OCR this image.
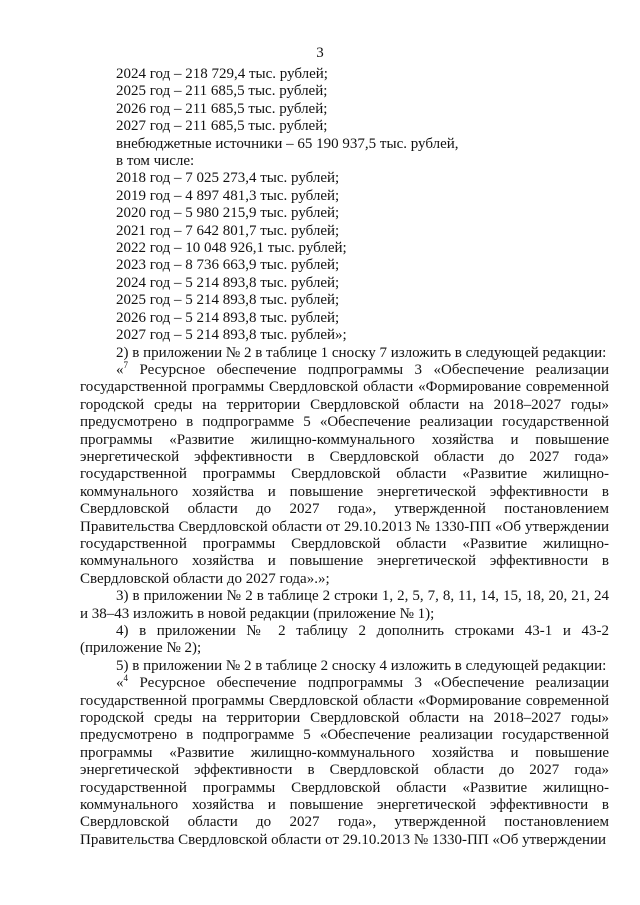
3
2024 год – 218 729,4 тыс. рублей;
2025 год – 211 685,5 тыс. рублей;
2026 год – 211 685,5 тыс. рублей;
2027 год – 211 685,5 тыс. рублей;
внебюджетные источники – 65 190 937,5 тыс. рублей,
в том числе:
2018 год – 7 025 273,4 тыс. рублей;
2019 год – 4 897 481,3 тыс. рублей;
2020 год – 5 980 215,9 тыс. рублей;
2021 год – 7 642 801,7 тыс. рублей;
2022 год – 10 048 926,1 тыс. рублей;
2023 год – 8 736 663,9 тыс. рублей;
2024 год – 5 214 893,8 тыс. рублей;
2025 год – 5 214 893,8 тыс. рублей;
2026 год – 5 214 893,8 тыс. рублей;
2027 год – 5 214 893,8 тыс. рублей»;
2) в приложении № 2 в таблице 1 сноску 7 изложить в следующей редакции:
«$^7$ Ресурсное обеспечение подпрограммы 3 «Обеспечение реализации государственной программы Свердловской области «Формирование современной городской среды на территории Свердловской области на 2018–2027 годы» предусмотрено в подпрограмме 5 «Обеспечение реализации государственной программы «Развитие жилищно-коммунального хозяйства и повышение энергетической эффективности в Свердловской области до 2027 года» государственной программы Свердловской области «Развитие жилищно-коммунального хозяйства и повышение энергетической эффективности в Свердловской области до 2027 года», утвержденной постановлением Правительства Свердловской области от 29.10.2013 № 1330-ПП «Об утверждении государственной программы Свердловской области «Развитие жилищно-коммунального хозяйства и повышение энергетической эффективности в Свердловской области до 2027 года».»;
3) в приложении № 2 в таблице 2 строки 1, 2, 5, 7, 8, 11, 14, 15, 18, 20, 21, 24 и 38–43 изложить в новой редакции (приложение № 1);
4) в приложении № 2 таблицу 2 дополнить строками 43-1 и 43-2 (приложение № 2);
5) в приложении № 2 в таблице 2 сноску 4 изложить в следующей редакции:
«$^4$ Ресурсное обеспечение подпрограммы 3 «Обеспечение реализации государственной программы Свердловской области «Формирование современной городской среды на территории Свердловской области на 2018–2027 годы» предусмотрено в подпрограмме 5 «Обеспечение реализации государственной программы «Развитие жилищно-коммунального хозяйства и повышение энергетической эффективности в Свердловской области до 2027 года» государственной программы Свердловской области «Развитие жилищно-коммунального хозяйства и повышение энергетической эффективности в Свердловской области до 2027 года», утвержденной постановлением Правительства Свердловской области от 29.10.2013 № 1330-ПП «Об утверждении
